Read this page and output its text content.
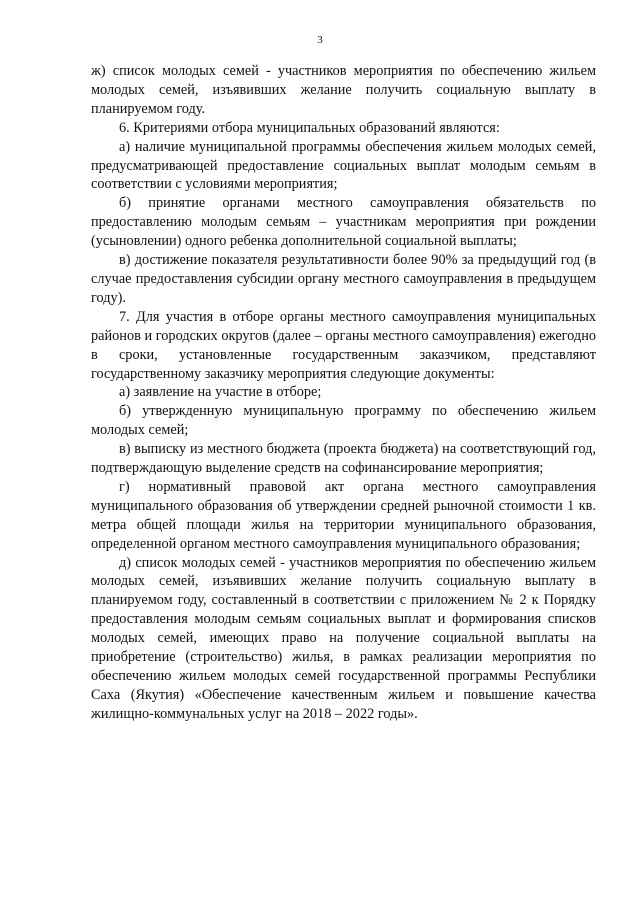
3

ж) список молодых семей - участников мероприятия по обеспечению жильем молодых семей, изъявивших желание получить социальную выплату в планируемом году.

6. Критериями отбора муниципальных образований являются:

а) наличие муниципальной программы обеспечения жильем молодых семей, предусматривающей предоставление социальных выплат молодым семьям в соответствии с условиями мероприятия;

б) принятие органами местного самоуправления обязательств по предоставлению молодым семьям – участникам мероприятия при рождении (усыновлении) одного ребенка дополнительной социальной выплаты;

в) достижение показателя результативности более 90% за предыдущий год (в случае предоставления субсидии органу местного самоуправления в предыдущем году).

7. Для участия в отборе органы местного самоуправления муниципальных районов и городских округов (далее – органы местного самоуправления) ежегодно в сроки, установленные государственным заказчиком, представляют государственному заказчику мероприятия следующие документы:

а) заявление на участие в отборе;

б) утвержденную муниципальную программу по обеспечению жильем молодых семей;

в) выписку из местного бюджета (проекта бюджета) на соответствующий год, подтверждающую выделение средств на софинансирование мероприятия;

г) нормативный правовой акт органа местного самоуправления муниципального образования об утверждении средней рыночной стоимости 1 кв. метра общей площади жилья на территории муниципального образования, определенной органом местного самоуправления муниципального образования;

д) список молодых семей - участников мероприятия по обеспечению жильем молодых семей, изъявивших желание получить социальную выплату в планируемом году, составленный в соответствии с приложением № 2 к Порядку предоставления молодым семьям социальных выплат и формирования списков молодых семей, имеющих право на получение социальной выплаты на приобретение (строительство) жилья, в рамках реализации мероприятия по обеспечению жильем молодых семей государственной программы Республики Саха (Якутия) «Обеспечение качественным жильем и повышение качества жилищно-коммунальных услуг на 2018 – 2022 годы».
